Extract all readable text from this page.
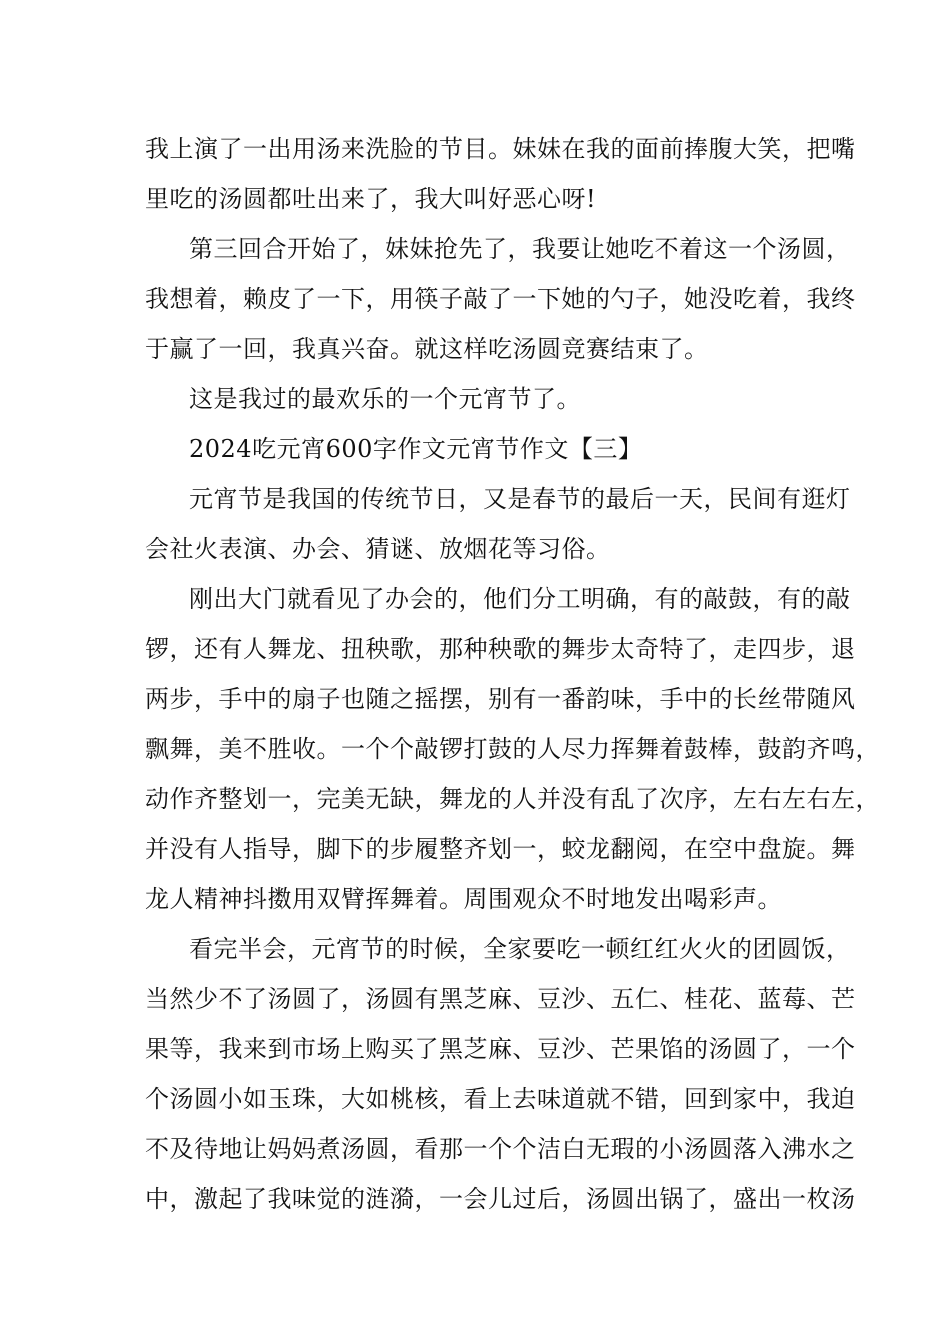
我上演了一出用汤来洗脸的节目。妹妹在我的面前捧腹大笑，把嘴
里吃的汤圆都吐出来了，我大叫好恶心呀!
第三回合开始了，妹妹抢先了，我要让她吃不着这一个汤圆，
我想着，赖皮了一下，用筷子敲了一下她的勺子，她没吃着，我终
于赢了一回，我真兴奋。就这样吃汤圆竞赛结束了。
这是我过的最欢乐的一个元宵节了。
2024吃元宵600字作文元宵节作文【三】
元宵节是我国的传统节日，又是春节的最后一天，民间有逛灯
会社火表演、办会、猜谜、放烟花等习俗。
刚出大门就看见了办会的，他们分工明确，有的敲鼓，有的敲
锣，还有人舞龙、扭秧歌，那种秧歌的舞步太奇特了，走四步，退
两步，手中的扇子也随之摇摆，别有一番韵味，手中的长丝带随风
飘舞，美不胜收。一个个敲锣打鼓的人尽力挥舞着鼓棒，鼓韵齐鸣，
动作齐整划一，完美无缺，舞龙的人并没有乱了次序，左右左右左，
并没有人指导，脚下的步履整齐划一，蛟龙翻阅，在空中盘旋。舞
龙人精神抖擞用双臂挥舞着。周围观众不时地发出喝彩声。
看完半会，元宵节的时候，全家要吃一顿红红火火的团圆饭，
当然少不了汤圆了，汤圆有黑芝麻、豆沙、五仁、桂花、蓝莓、芒
果等，我来到市场上购买了黑芝麻、豆沙、芒果馅的汤圆了，一个
个汤圆小如玉珠，大如桃核，看上去味道就不错，回到家中，我迫
不及待地让妈妈煮汤圆，看那一个个洁白无瑕的小汤圆落入沸水之
中，激起了我味觉的涟漪，一会儿过后，汤圆出锅了，盛出一枚汤
